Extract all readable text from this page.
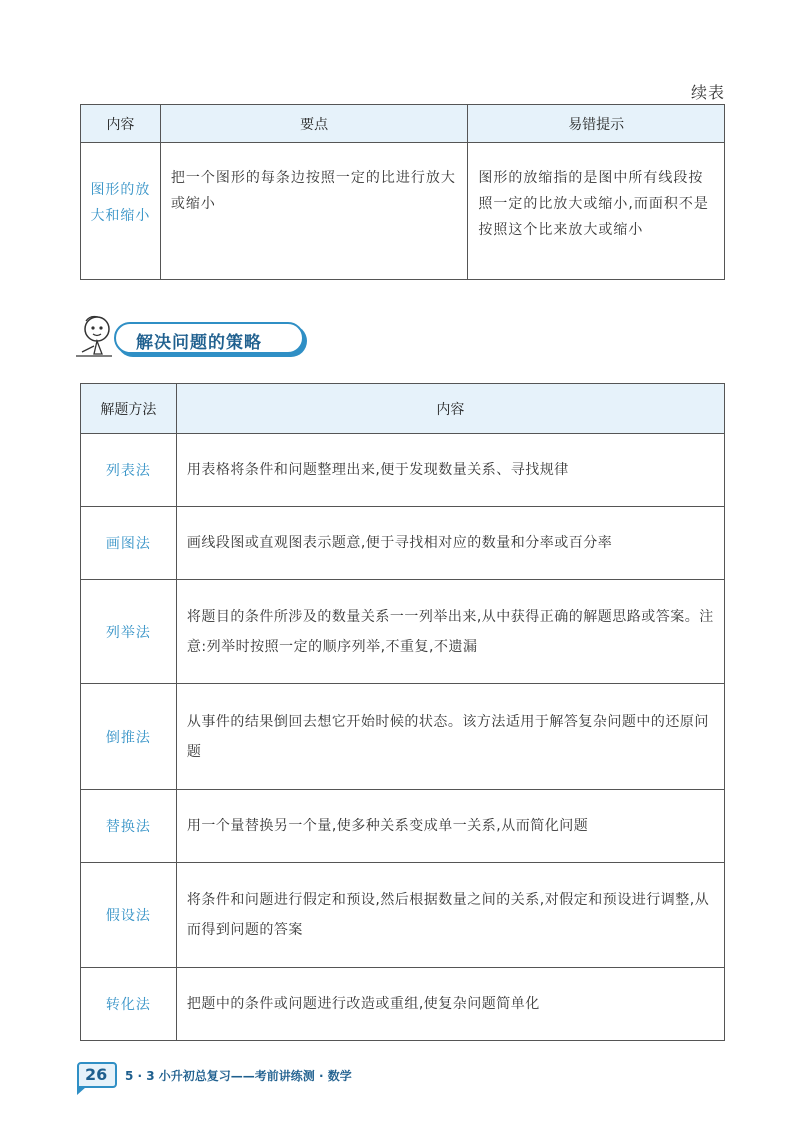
续表
内容	要点	易错提示
图形的放大和缩小	把一个图形的每条边按照一定的比进行放大或缩小	图形的放缩指的是图中所有线段按照一定的比放大或缩小,而面积不是按照这个比来放大或缩小
解决问题的策略
解题方法	内容
列表法	用表格将条件和问题整理出来,便于发现数量关系、寻找规律
画图法	画线段图或直观图表示题意,便于寻找相对应的数量和分率或百分率
列举法	将题目的条件所涉及的数量关系一一列举出来,从中获得正确的解题思路或答案。注意:列举时按照一定的顺序列举,不重复,不遗漏
倒推法	从事件的结果倒回去想它开始时候的状态。该方法适用于解答复杂问题中的还原问题
替换法	用一个量替换另一个量,使多种关系变成单一关系,从而简化问题
假设法	将条件和问题进行假定和预设,然后根据数量之间的关系,对假定和预设进行调整,从而得到问题的答案
转化法	把题中的条件或问题进行改造或重组,使复杂问题简单化
26 5 · 3 小升初总复习——考前讲练测 · 数学
